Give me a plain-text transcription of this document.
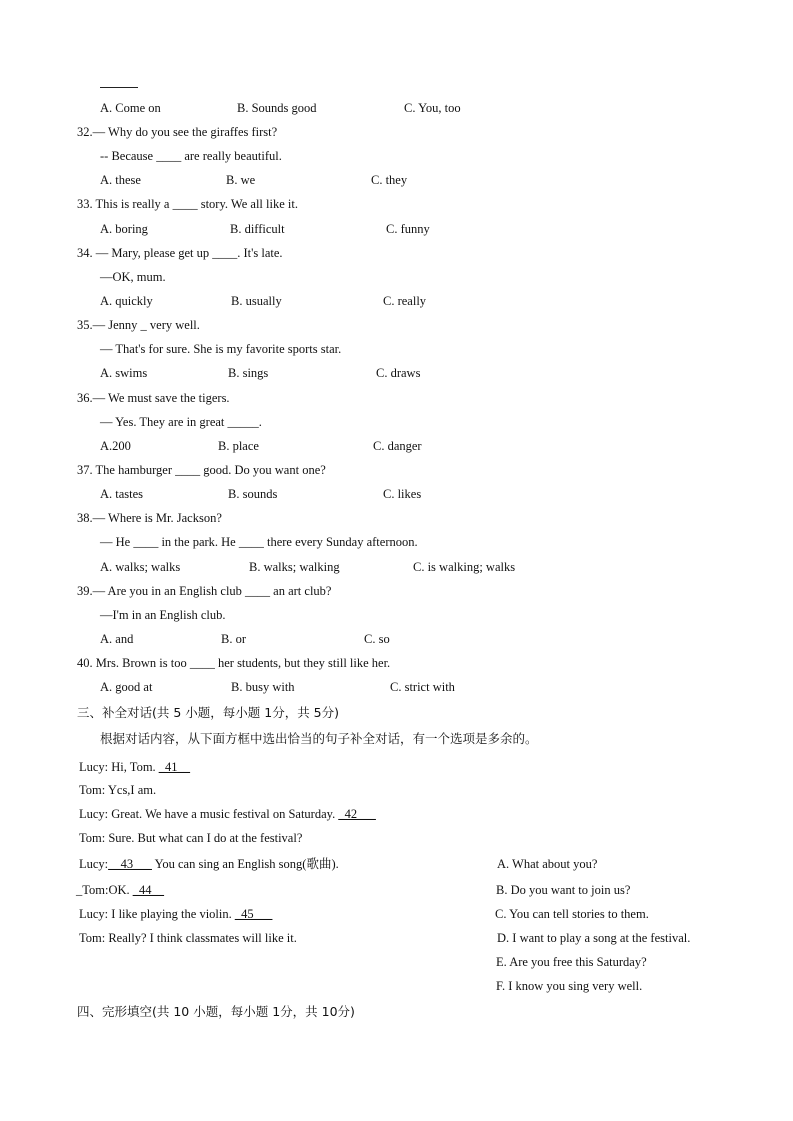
A. Come on	B. Sounds good	C. You, too
32.— Why do you see the giraffes first?
-- Because ____ are really beautiful.
A. these	B. we	C. they
33. This is really a ____ story. We all like it.
A. boring	B. difficult	C. funny
34. — Mary, please get up ____. It's late.
—OK, mum.
A. quickly	B. usually	C. really
35.— Jenny _ very well.
— That's for sure. She is my favorite sports star.
A. swims	B. sings	C. draws
36.— We must save the tigers.
— Yes. They are in great _____.
A.200	B. place	C. danger
37. The hamburger ____ good. Do you want one?
A. tastes	B. sounds	C. likes
38.— Where is Mr. Jackson?
— He ____ in the park. He ____ there every Sunday afternoon.
A. walks; walks	B. walks; walking	C. is walking; walks
39.— Are you in an English club ____ an art club?
—I'm in an English club.
A. and	B. or	C. so
40. Mrs. Brown is too ____ her students, but they still like her.
A. good at	B. busy with	C. strict with
三、补全对话(共 5 小题，每小题 1分，共 5分)
根据对话内容，从下面方框中选出恰当的句子补全对话，有一个选项是多余的。
Lucy: Hi, Tom. _41__
Tom: Ycs,I am.
Lucy: Great. We have a music festival on Saturday. _42___
Tom: Sure. But what can I do at the festival?
Lucy:__43___ You can sing an English song(歌曲).
_Tom:OK. _44__
Lucy: I like playing the violin. _45___
Tom: Really? I think classmates will like it.
A. What about you?
B. Do you want to join us?
C. You can tell stories to them.
D. I want to play a song at the festival.
E. Are you free this Saturday?
F. I know you sing very well.
四、完形填空(共 10 小题，每小题 1分，共 10分)
